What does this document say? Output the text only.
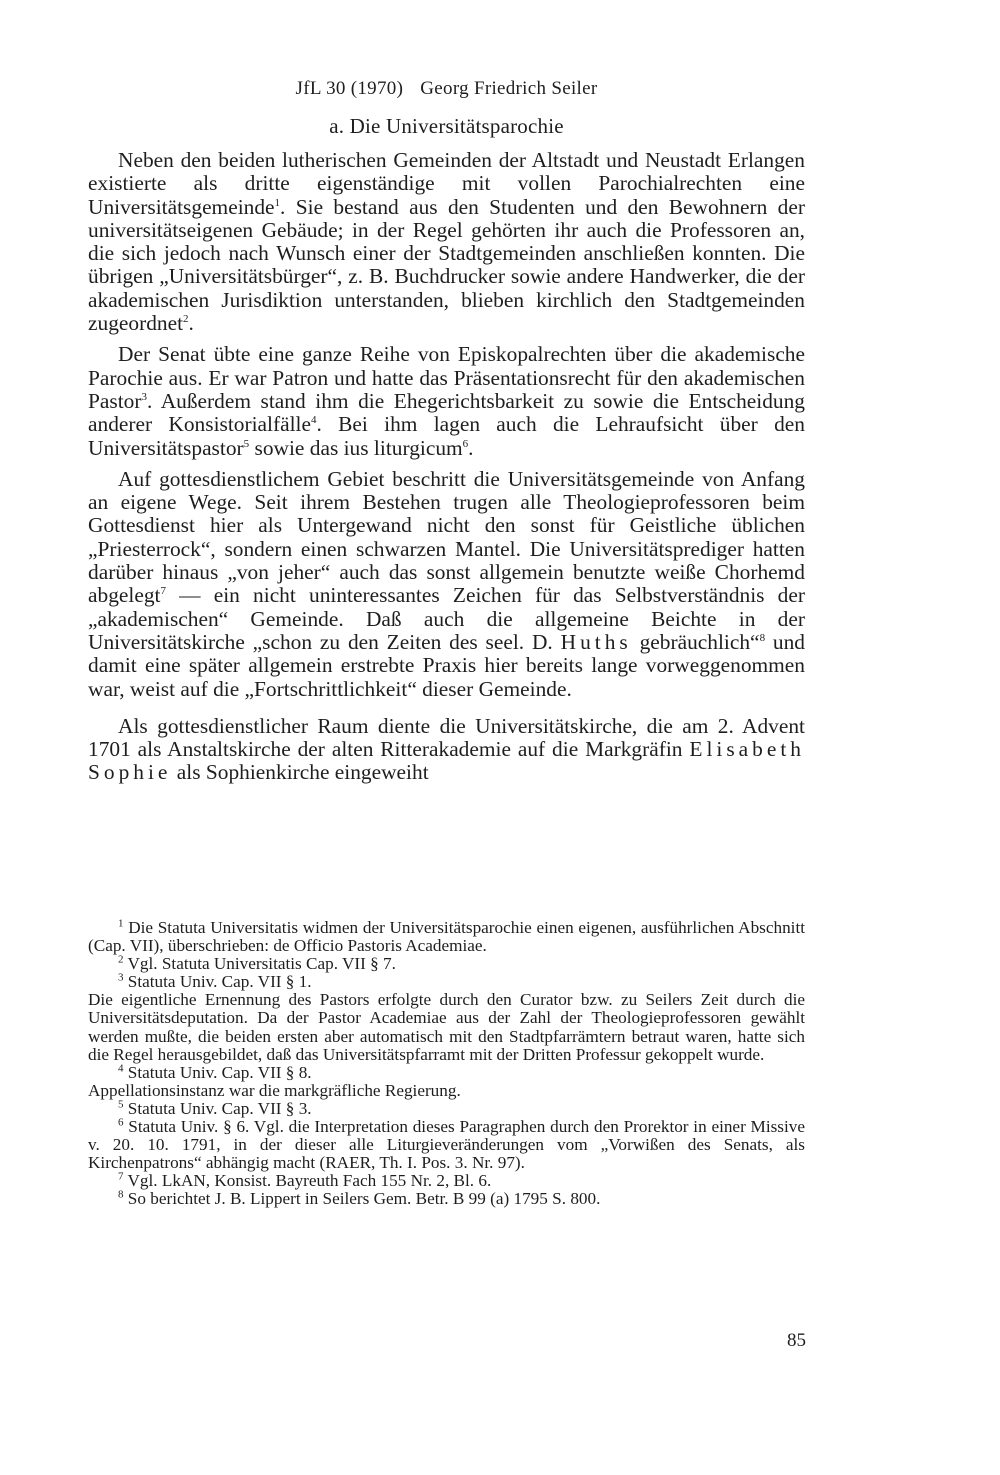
JfL 30 (1970) Georg Friedrich Seiler
a. Die Universitätsparochie

Neben den beiden lutherischen Gemeinden der Altstadt und Neustadt Erlangen existierte als dritte eigenständige mit vollen Parochialrechten eine Universitätsgemeinde$^1$. Sie bestand aus den Studenten und den Bewohnern der universitätseigenen Gebäude; in der Regel gehörten ihr auch die Professoren an, die sich jedoch nach Wunsch einer der Stadtgemeinden anschließen konnten. Die übrigen „Universitätsbürger“, z. B. Buchdrucker sowie andere Handwerker, die der akademischen Jurisdiktion unterstanden, blieben kirchlich den Stadtgemeinden zugeordnet$^2$.

Der Senat übte eine ganze Reihe von Episkopalrechten über die akademische Parochie aus. Er war Patron und hatte das Präsentationsrecht für den akademischen Pastor$^3$. Außerdem stand ihm die Ehegerichtsbarkeit zu sowie die Entscheidung anderer Konsistorialfälle$^4$. Bei ihm lagen auch die Lehraufsicht über den Universitätspastor$^5$ sowie das ius liturgicum$^6$.

Auf gottesdienstlichem Gebiet beschritt die Universitätsgemeinde von Anfang an eigene Wege. Seit ihrem Bestehen trugen alle Theologieprofessoren beim Gottesdienst hier als Untergewand nicht den sonst für Geistliche üblichen „Priesterrock“, sondern einen schwarzen Mantel. Die Universitätsprediger hatten darüber hinaus „von jeher“ auch das sonst allgemein benutzte weiße Chorhemd abgelegt$^7$ — ein nicht uninteressantes Zeichen für das Selbstverständnis der „akademischen“ Gemeinde. Daß auch die allgemeine Beichte in der Universitätskirche „schon zu den Zeiten des seel. D. Huths gebräuchlich“$^8$ und damit eine später allgemein erstrebte Praxis hier bereits lange vorweggenommen war, weist auf die „Fortschrittlichkeit“ dieser Gemeinde.

Als gottesdienstlicher Raum diente die Universitätskirche, die am 2. Advent 1701 als Anstaltskirche der alten Ritterakademie auf die Markgräfin Elisabeth Sophie als Sophienkirche eingeweiht

$^1$ Die Statuta Universitatis widmen der Universitätsparochie einen eigenen, ausführlichen Abschnitt (Cap. VII), überschrieben: de Officio Pastoris Academiae.

$^2$ Vgl. Statuta Universitatis Cap. VII § 7.

$^3$ Statuta Univ. Cap. VII § 1.

Die eigentliche Ernennung des Pastors erfolgte durch den Curator bzw. zu Seilers Zeit durch die Universitätsdeputation. Da der Pastor Academiae aus der Zahl der Theologieprofessoren gewählt werden mußte, die beiden ersten aber automatisch mit den Stadtpfarrämtern betraut waren, hatte sich die Regel herausgebildet, daß das Universitätspfarramt mit der Dritten Professur gekoppelt wurde.

$^4$ Statuta Univ. Cap. VII § 8.

Appellationsinstanz war die markgräfliche Regierung.

$^5$ Statuta Univ. Cap. VII § 3.

$^6$ Statuta Univ. § 6. Vgl. die Interpretation dieses Paragraphen durch den Prorektor in einer Missive v. 20. 10. 1791, in der dieser alle Liturgieveränderungen vom „Vorwißen des Senats, als Kirchenpatrons“ abhängig macht (RAER, Th. I. Pos. 3. Nr. 97).

$^7$ Vgl. LkAN, Konsist. Bayreuth Fach 155 Nr. 2, Bl. 6.

$^8$ So berichtet J. B. Lippert in Seilers Gem. Betr. B 99 (a) 1795 S. 800.

85
